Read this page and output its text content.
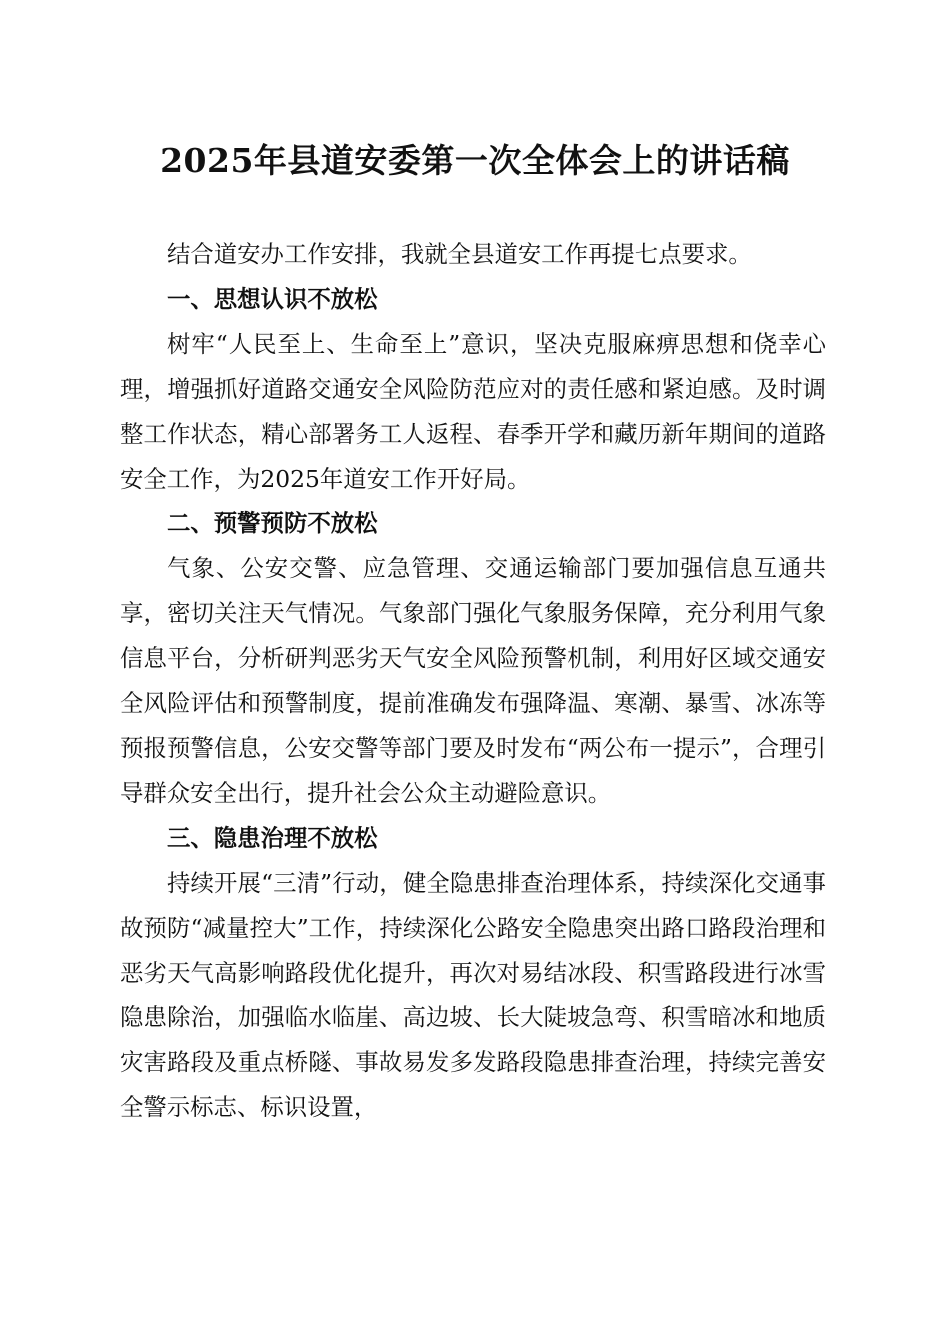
2025年县道安委第一次全体会上的讲话稿

结合道安办工作安排，我就全县道安工作再提七点要求。

一、思想认识不放松

树牢“人民至上、生命至上”意识，坚决克服麻痹思想和侥幸心理，增强抓好道路交通安全风险防范应对的责任感和紧迫感。及时调整工作状态，精心部署务工人返程、春季开学和藏历新年期间的道路安全工作，为2025年道安工作开好局。

二、预警预防不放松

气象、公安交警、应急管理、交通运输部门要加强信息互通共享，密切关注天气情况。气象部门强化气象服务保障，充分利用气象信息平台，分析研判恶劣天气安全风险预警机制，利用好区域交通安全风险评估和预警制度，提前准确发布强降温、寒潮、暴雪、冰冻等预报预警信息，公安交警等部门要及时发布“两公布一提示”，合理引导群众安全出行，提升社会公众主动避险意识。

三、隐患治理不放松

持续开展“三清”行动，健全隐患排查治理体系，持续深化交通事故预防“减量控大”工作，持续深化公路安全隐患突出路口路段治理和恶劣天气高影响路段优化提升，再次对易结冰段、积雪路段进行冰雪隐患除治，加强临水临崖、高边坡、长大陡坡急弯、积雪暗冰和地质灾害路段及重点桥隧、事故易发多发路段隐患排查治理，持续完善安全警示标志、标识设置，
